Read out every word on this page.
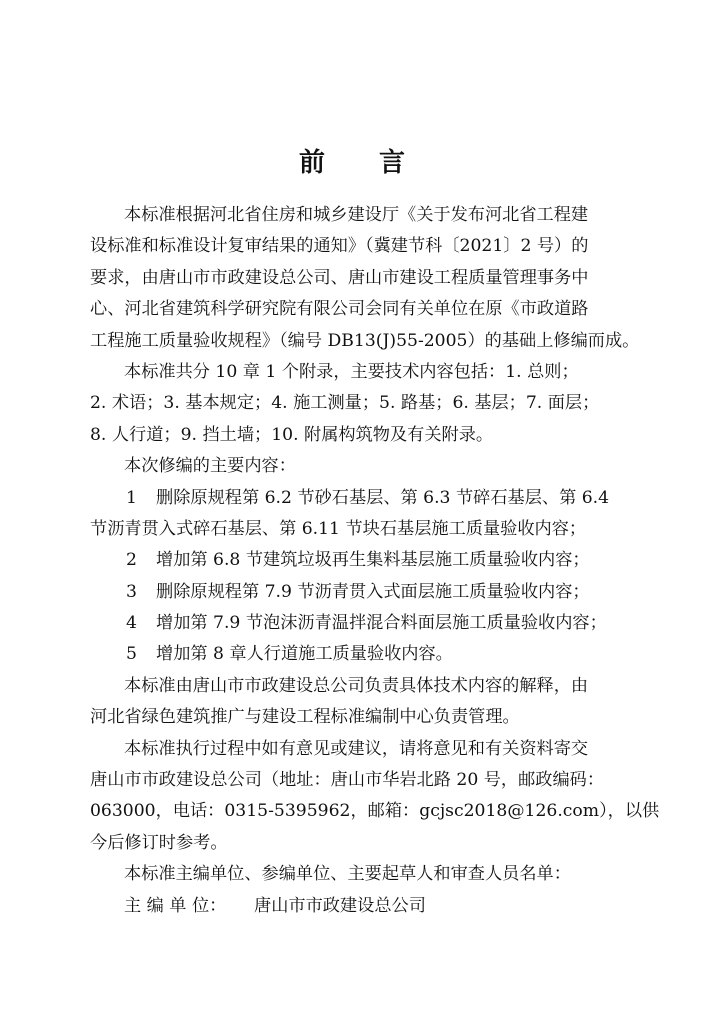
前 言
本标准根据河北省住房和城乡建设厅《关于发布河北省工程建
设标准和标准设计复审结果的通知》（冀建节科〔2021〕2 号）的
要求，由唐山市市政建设总公司、唐山市建设工程质量管理事务中
心、河北省建筑科学研究院有限公司会同有关单位在原《市政道路
工程施工质量验收规程》（编号 DB13(J)55-2005）的基础上修编而成。
本标准共分 10 章 1 个附录，主要技术内容包括：1. 总则；
2. 术语；3. 基本规定；4. 施工测量；5. 路基；6. 基层；7. 面层；
8. 人行道；9. 挡土墙；10. 附属构筑物及有关附录。
本次修编的主要内容：
1 删除原规程第 6.2 节砂石基层、第 6.3 节碎石基层、第 6.4
节沥青贯入式碎石基层、第 6.11 节块石基层施工质量验收内容；
2 增加第 6.8 节建筑垃圾再生集料基层施工质量验收内容；
3 删除原规程第 7.9 节沥青贯入式面层施工质量验收内容；
4 增加第 7.9 节泡沫沥青温拌混合料面层施工质量验收内容；
5 增加第 8 章人行道施工质量验收内容。
本标准由唐山市市政建设总公司负责具体技术内容的解释，由
河北省绿色建筑推广与建设工程标准编制中心负责管理。
本标准执行过程中如有意见或建议，请将意见和有关资料寄交
唐山市市政建设总公司（地址：唐山市华岩北路 20 号，邮政编码：
063000，电话：0315-5395962，邮箱：gcjsc2018@126.com），以供
今后修订时参考。
本标准主编单位、参编单位、主要起草人和审查人员名单：
主 编 单 位： 唐山市市政建设总公司
